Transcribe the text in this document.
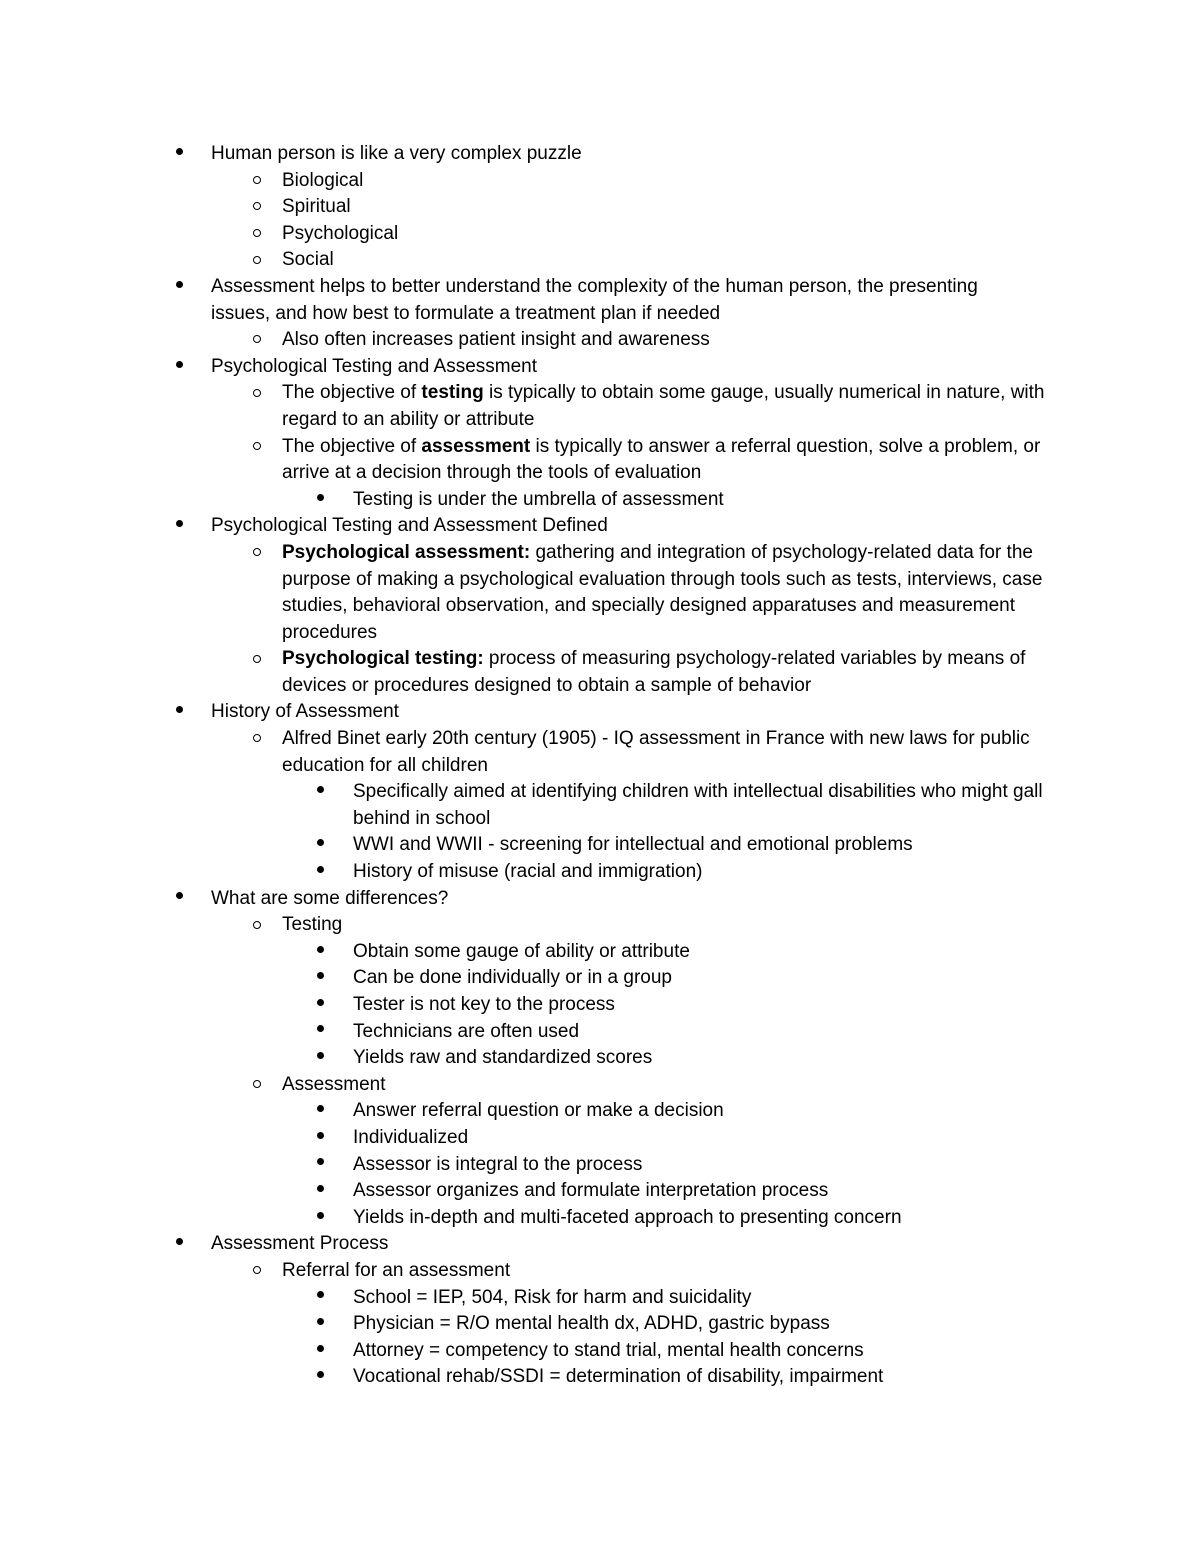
Human person is like a very complex puzzle
Biological
Spiritual
Psychological
Social
Assessment helps to better understand the complexity of the human person, the presenting issues, and how best to formulate a treatment plan if needed
Also often increases patient insight and awareness
Psychological Testing and Assessment
The objective of testing is typically to obtain some gauge, usually numerical in nature, with regard to an ability or attribute
The objective of assessment is typically to answer a referral question, solve a problem, or arrive at a decision through the tools of evaluation
Testing is under the umbrella of assessment
Psychological Testing and Assessment Defined
Psychological assessment: gathering and integration of psychology-related data for the purpose of making a psychological evaluation through tools such as tests, interviews, case studies, behavioral observation, and specially designed apparatuses and measurement procedures
Psychological testing: process of measuring psychology-related variables by means of devices or procedures designed to obtain a sample of behavior
History of Assessment
Alfred Binet early 20th century (1905) - IQ assessment in France with new laws for public education for all children
Specifically aimed at identifying children with intellectual disabilities who might gall behind in school
WWI and WWII - screening for intellectual and emotional problems
History of misuse (racial and immigration)
What are some differences?
Testing
Obtain some gauge of ability or attribute
Can be done individually or in a group
Tester is not key to the process
Technicians are often used
Yields raw and standardized scores
Assessment
Answer referral question or make a decision
Individualized
Assessor is integral to the process
Assessor organizes and formulate interpretation process
Yields in-depth and multi-faceted approach to presenting concern
Assessment Process
Referral for an assessment
School = IEP, 504, Risk for harm and suicidality
Physician = R/O mental health dx, ADHD, gastric bypass
Attorney = competency to stand trial, mental health concerns
Vocational rehab/SSDI = determination of disability, impairment
